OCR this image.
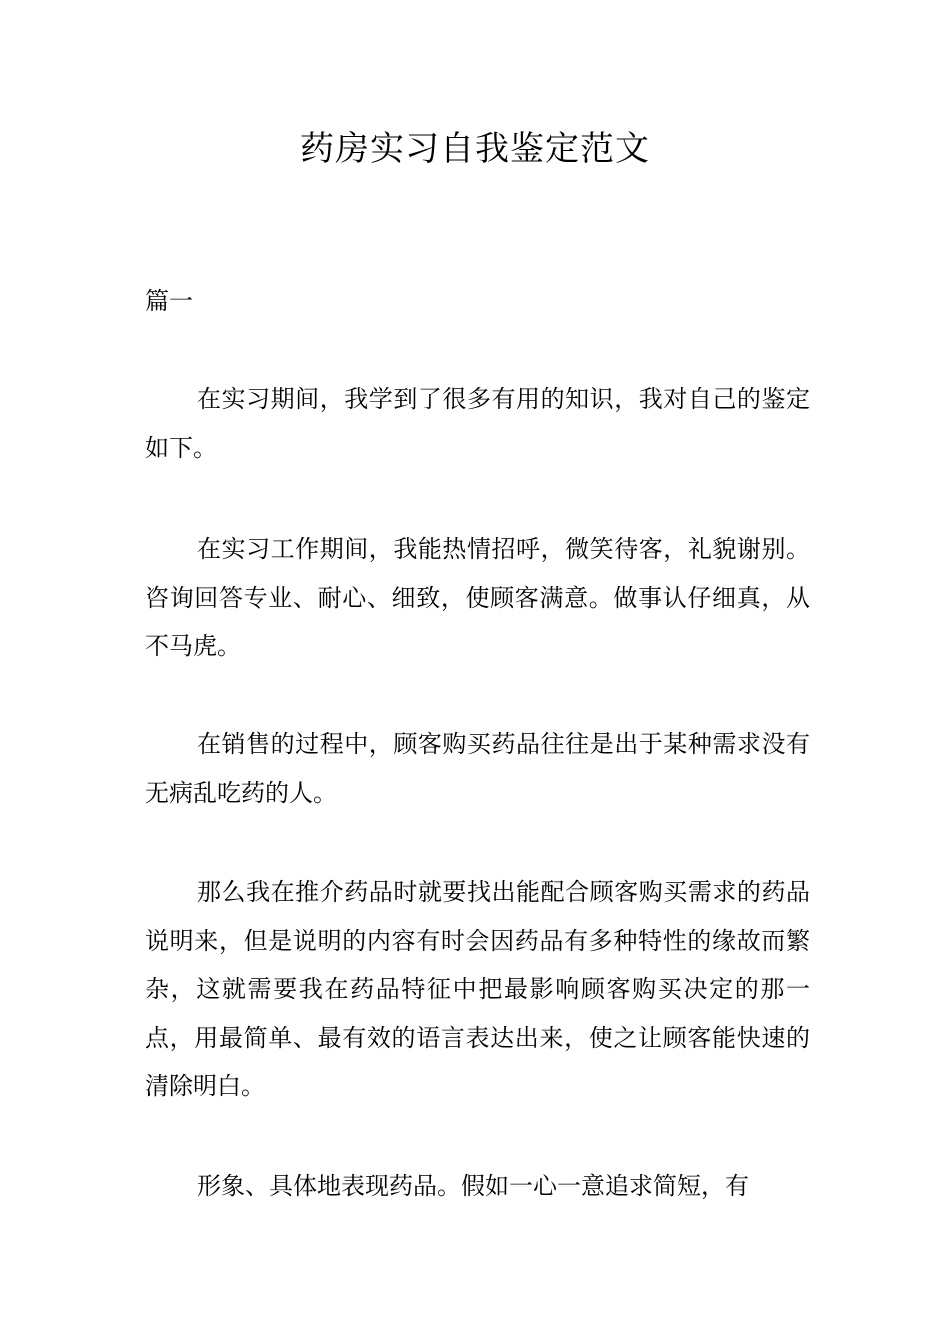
药房实习自我鉴定范文
篇一

在实习期间，我学到了很多有用的知识，我对自己的鉴定如下。

在实习工作期间，我能热情招呼，微笑待客，礼貌谢别。咨询回答专业、耐心、细致，使顾客满意。做事认仔细真，从不马虎。

在销售的过程中，顾客购买药品往往是出于某种需求没有无病乱吃药的人。

那么我在推介药品时就要找出能配合顾客购买需求的药品说明来，但是说明的内容有时会因药品有多种特性的缘故而繁杂，这就需要我在药品特征中把最影响顾客购买决定的那一点，用最简单、最有效的语言表达出来，使之让顾客能快速的清除明白。

形象、具体地表现药品。假如一心一意追求简短，有
